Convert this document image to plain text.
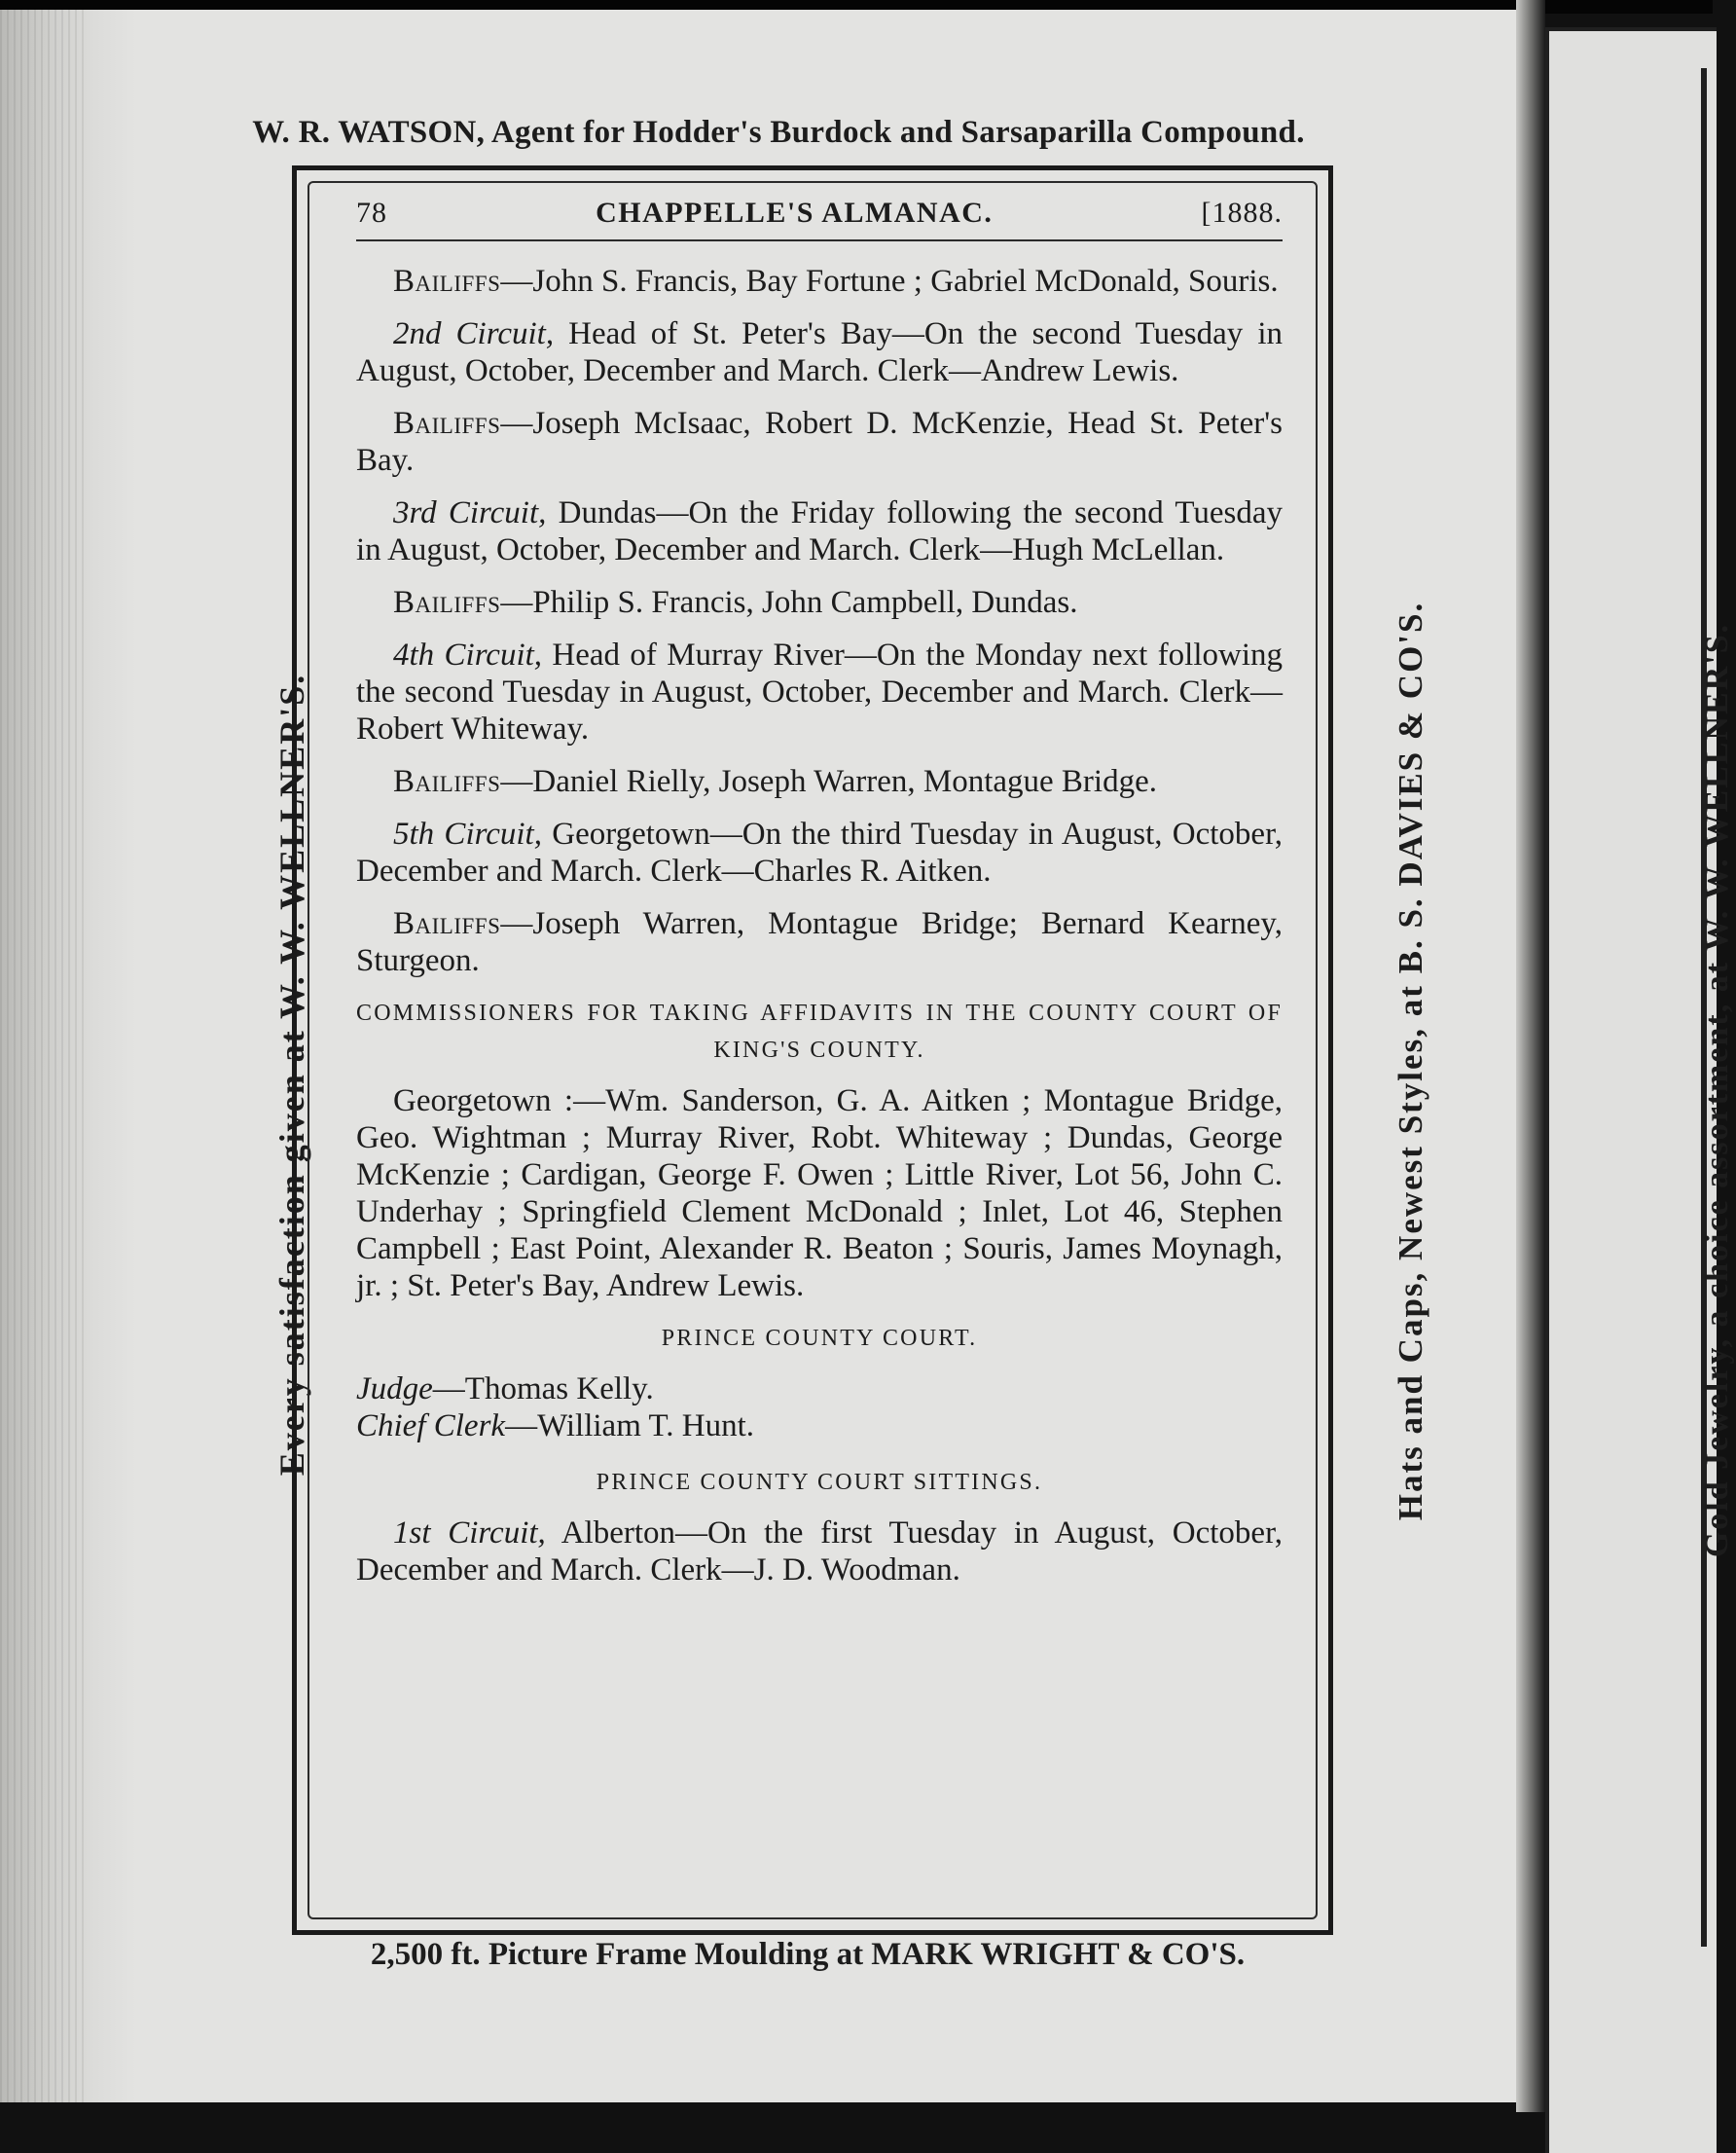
W. R. WATSON, Agent for Hodder's Burdock and Sarsaparilla Compound.
Every satisfaction given at W. W. WELLNER'S.	Hats and Caps, Newest Styles, at B. S. DAVIES & CO'S.	Gold Jewelry, a choice assortment, at W. W. WELLNER'S.
78	CHAPPELLE'S ALMANAC.	[1888.

Bailiffs—John S. Francis, Bay Fortune ; Gabriel McDonald, Souris.

2nd Circuit, Head of St. Peter's Bay—On the second Tuesday in August, October, December and March. Clerk—Andrew Lewis.

Bailiffs—Joseph McIsaac, Robert D. McKenzie, Head St. Peter's Bay.

3rd Circuit, Dundas—On the Friday following the second Tuesday in August, October, December and March. Clerk—Hugh McLellan.

Bailiffs—Philip S. Francis, John Campbell, Dundas.

4th Circuit, Head of Murray River—On the Monday next following the second Tuesday in August, October, December and March. Clerk—Robert Whiteway.

Bailiffs—Daniel Rielly, Joseph Warren, Montague Bridge.

5th Circuit, Georgetown—On the third Tuesday in August, October, December and March. Clerk—Charles R. Aitken.

Bailiffs—Joseph Warren, Montague Bridge; Bernard Kearney, Sturgeon.

COMMISSIONERS FOR TAKING AFFIDAVITS IN THE COUNTY COURT OF KING'S COUNTY.

Georgetown :—Wm. Sanderson, G. A. Aitken ; Montague Bridge, Geo. Wightman ; Murray River, Robt. Whiteway ; Dundas, George McKenzie ; Cardigan, George F. Owen ; Little River, Lot 56, John C. Underhay ; Springfield Clement McDonald ; Inlet, Lot 46, Stephen Campbell ; East Point, Alexander R. Beaton ; Souris, James Moynagh, jr. ; St. Peter's Bay, Andrew Lewis.

PRINCE COUNTY COURT.

Judge—Thomas Kelly.

Chief Clerk—William T. Hunt.

PRINCE COUNTY COURT SITTINGS.

1st Circuit, Alberton—On the first Tuesday in August, October, December and March. Clerk—J. D. Woodman.

2,500 ft. Picture Frame Moulding at MARK WRIGHT & CO'S.
